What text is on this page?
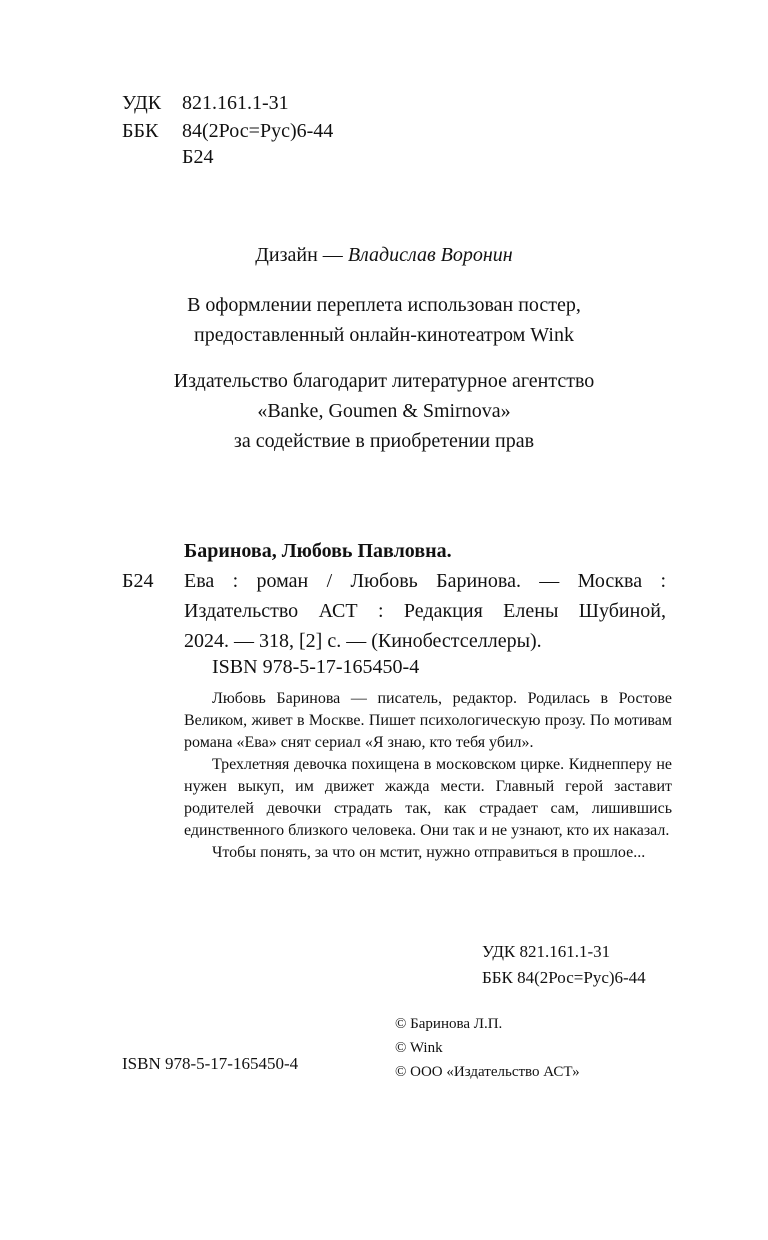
УДК 821.161.1-31
ББК 84(2Рос=Рус)6-44
Б24
Дизайн — Владислав Воронин
В оформлении переплета использован постер,
предоставленный онлайн-кинотеатром Wink
Издательство благодарит литературное агентство
«Banke, Goumen & Smirnova»
за содействие в приобретении прав
Баринова, Любовь Павловна.
Б24 Ева : роман / Любовь Баринова. — Москва :
Издательство АСТ : Редакция Елены Шубиной,
2024. — 318, [2] с. — (Кинобестселлеры).
ISBN 978-5-17-165450-4

Любовь Баринова — писатель, редактор. Родилась в Ростове Великом, живет в Москве. Пишет психологическую прозу. По мотивам романа «Ева» снят сериал «Я знаю, кто тебя убил».

Трехлетняя девочка похищена в московском цирке. Киднепперу не нужен выкуп, им движет жажда мести. Главный герой заставит родителей девочки страдать так, как страдает сам, лишившись единственного близкого человека. Они так и не узнают, кто их наказал.

Чтобы понять, за что он мстит, нужно отправиться в прошлое...

УДК 821.161.1-31
ББК 84(2Рос=Рус)6-44
ISBN 978-5-17-165450-4
© Баринова Л.П.
© Wink
© ООО «Издательство АСТ»
